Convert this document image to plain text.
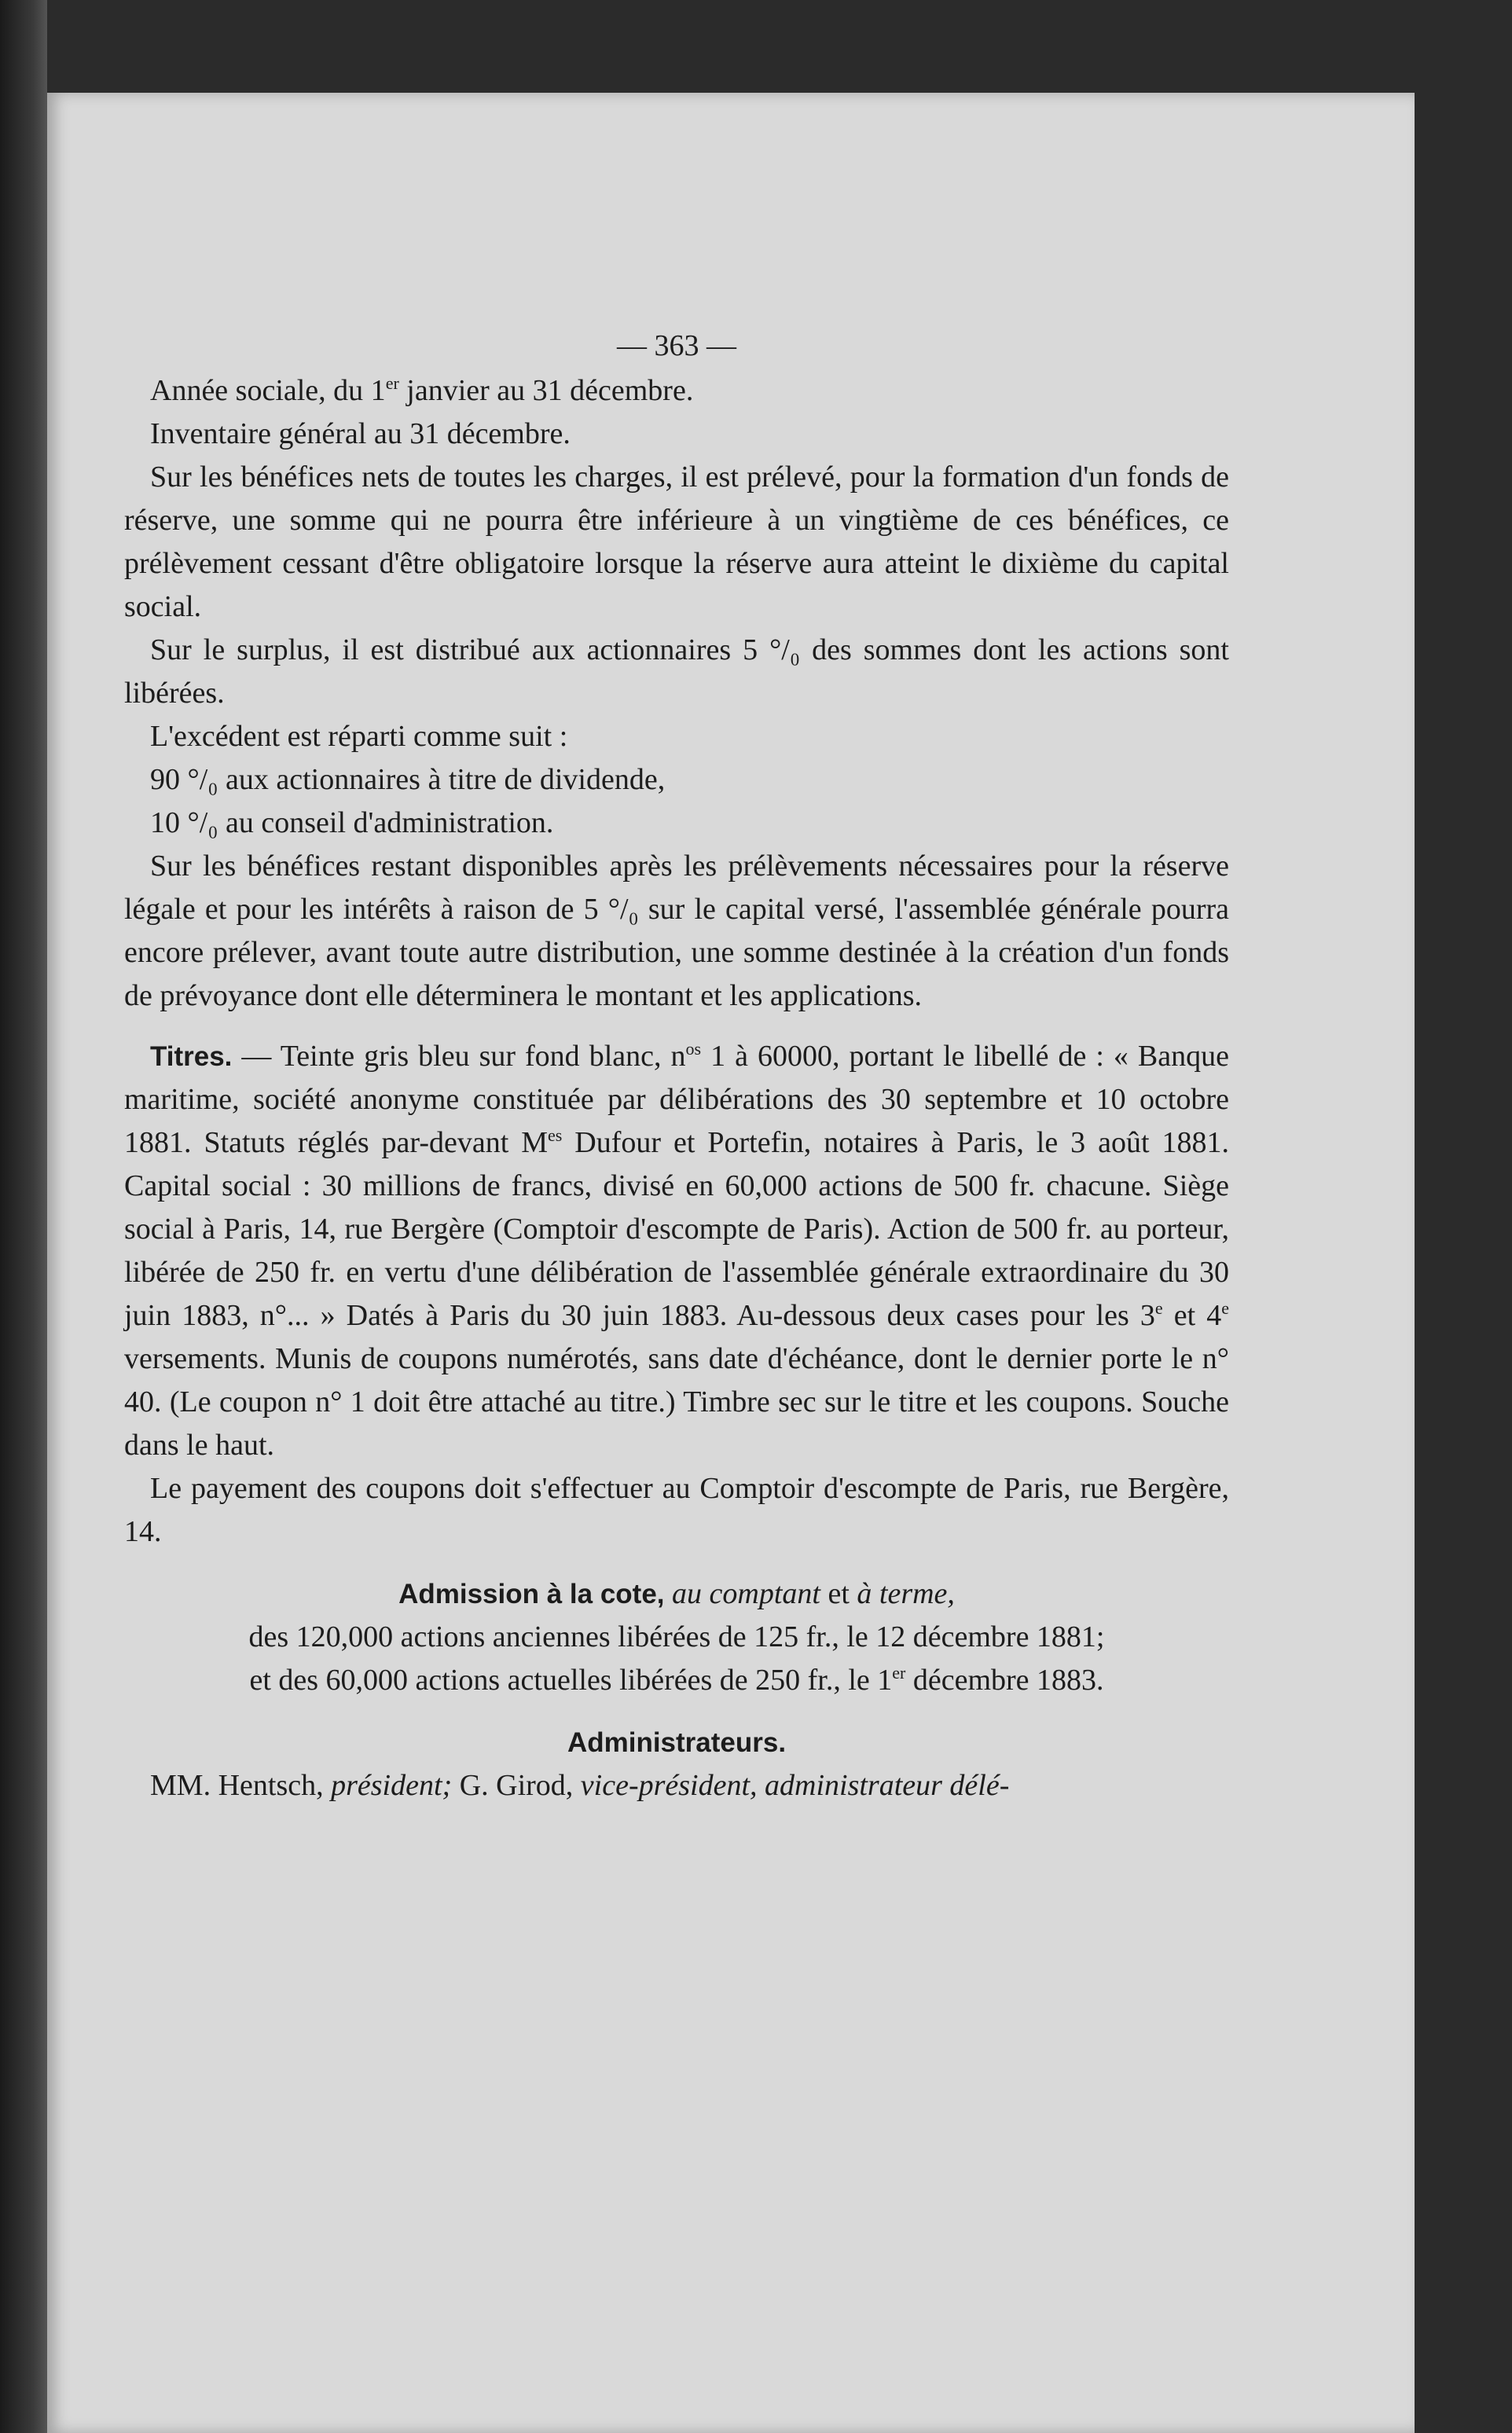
— 363 —

Année sociale, du 1er janvier au 31 décembre.

Inventaire général au 31 décembre.

Sur les bénéfices nets de toutes les charges, il est prélevé, pour la formation d'un fonds de réserve, une somme qui ne pourra être inférieure à un vingtième de ces bénéfices, ce prélèvement cessant d'être obligatoire lorsque la réserve aura atteint le dixième du capital social.

Sur le surplus, il est distribué aux actionnaires 5 °/₀ des sommes dont les actions sont libérées.

L'excédent est réparti comme suit :

90 °/₀ aux actionnaires à titre de dividende,

10 °/₀ au conseil d'administration.

Sur les bénéfices restant disponibles après les prélèvements nécessaires pour la réserve légale et pour les intérêts à raison de 5 °/₀ sur le capital versé, l'assemblée générale pourra encore prélever, avant toute autre distribution, une somme destinée à la création d'un fonds de prévoyance dont elle déterminera le montant et les applications.

Titres. — Teinte gris bleu sur fond blanc, $n^{os}$ 1 à 60000, portant le libellé de : « Banque maritime, société anonyme constituée par délibérations des 30 septembre et 10 octobre 1881. Statuts réglés par-devant $M^{es}$ Dufour et Portefin, notaires à Paris, le 3 août 1881. Capital social : 30 millions de francs, divisé en 60,000 actions de 500 fr. chacune. Siège social à Paris, 14, rue Bergère (Comptoir d'escompte de Paris). Action de 500 fr. au porteur, libérée de 250 fr. en vertu d'une délibération de l'assemblée générale extraordinaire du 30 juin 1883, n°... » Datés à Paris du 30 juin 1883. Au-dessous deux cases pour les 3e et 4e versements. Munis de coupons numérotés, sans date d'échéance, dont le dernier porte le n° 40. (Le coupon n° 1 doit être attaché au titre.) Timbre sec sur le titre et les coupons. Souche dans le haut.

Le payement des coupons doit s'effectuer au Comptoir d'escompte de Paris, rue Bergère, 14.

Admission à la cote, au comptant et à terme,

des 120,000 actions anciennes libérées de 125 fr., le 12 décembre 1881;

et des 60,000 actions actuelles libérées de 250 fr., le 1er décembre 1883.

Administrateurs.

MM. Hentsch, président; G. Girod, vice-président, administrateur délé-
